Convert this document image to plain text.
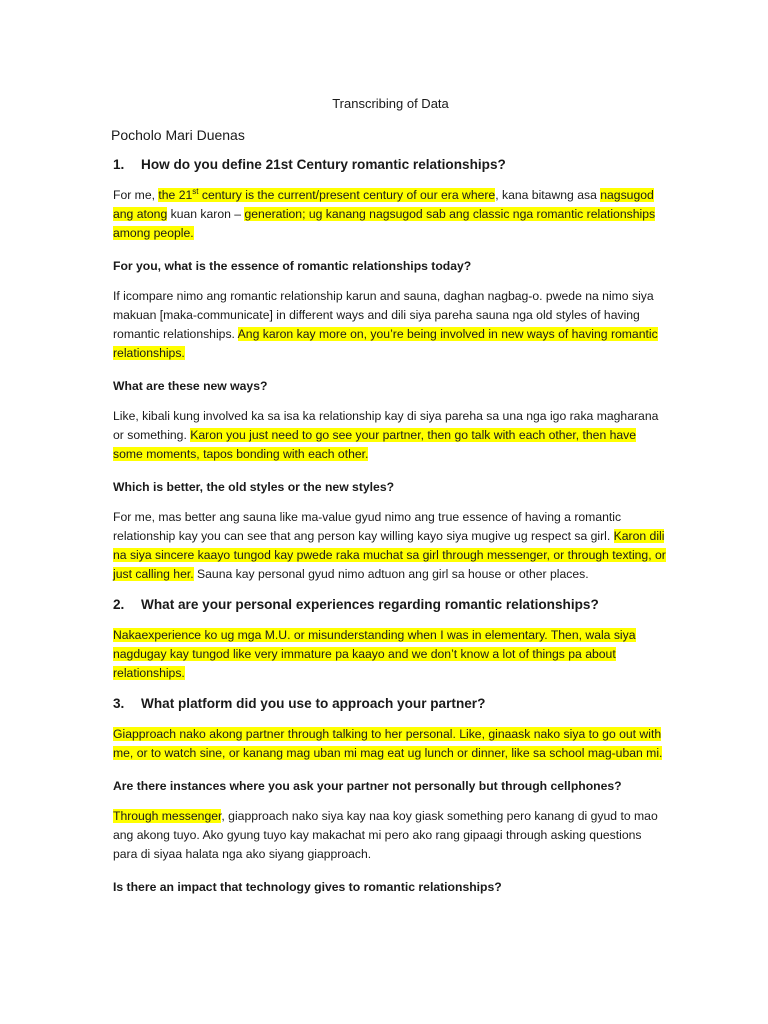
Transcribing of Data

Pocholo Mari Duenas

1.	How do you define 21st Century romantic relationships?

For me, the 21st century is the current/present century of our era where, kana bitawng asa nagsugod ang atong kuan karon – generation; ug kanang nagsugod sab ang classic nga romantic relationships among people.

For you, what is the essence of romantic relationships today?

If icompare nimo ang romantic relationship karun and sauna, daghan nagbag-o. pwede na nimo siya makuan [maka-communicate] in different ways and dili siya pareha sauna nga old styles of having romantic relationships. Ang karon kay more on, you’re being involved in new ways of having romantic relationships.

What are these new ways?

Like, kibali kung involved ka sa isa ka relationship kay di siya pareha sa una nga igo raka magharana or something. Karon you just need to go see your partner, then go talk with each other, then have some moments, tapos bonding with each other.

Which is better, the old styles or the new styles?

For me, mas better ang sauna like ma-value gyud nimo ang true essence of having a romantic relationship kay you can see that ang person kay willing kayo siya mugive ug respect sa girl. Karon dili na siya sincere kaayo tungod kay pwede raka muchat sa girl through messenger, or through texting, or just calling her. Sauna kay personal gyud nimo adtuon ang girl sa house or other places.

2.	What are your personal experiences regarding romantic relationships?

Nakaexperience ko ug mga M.U. or misunderstanding when I was in elementary. Then, wala siya nagdugay kay tungod like very immature pa kaayo and we don’t know a lot of things pa about relationships.

3.	What platform did you use to approach your partner?

Giapproach nako akong partner through talking to her personal. Like, ginaask nako siya to go out with me, or to watch sine, or kanang mag uban mi mag eat ug lunch or dinner, like sa school mag-uban mi.

Are there instances where you ask your partner not personally but through cellphones?

Through messenger, giapproach nako siya kay naa koy giask something pero kanang di gyud to mao ang akong tuyo. Ako gyung tuyo kay makachat mi pero ako rang gipaagi through asking questions para di siyaa halata nga ako siyang giapproach.

Is there an impact that technology gives to romantic relationships?
